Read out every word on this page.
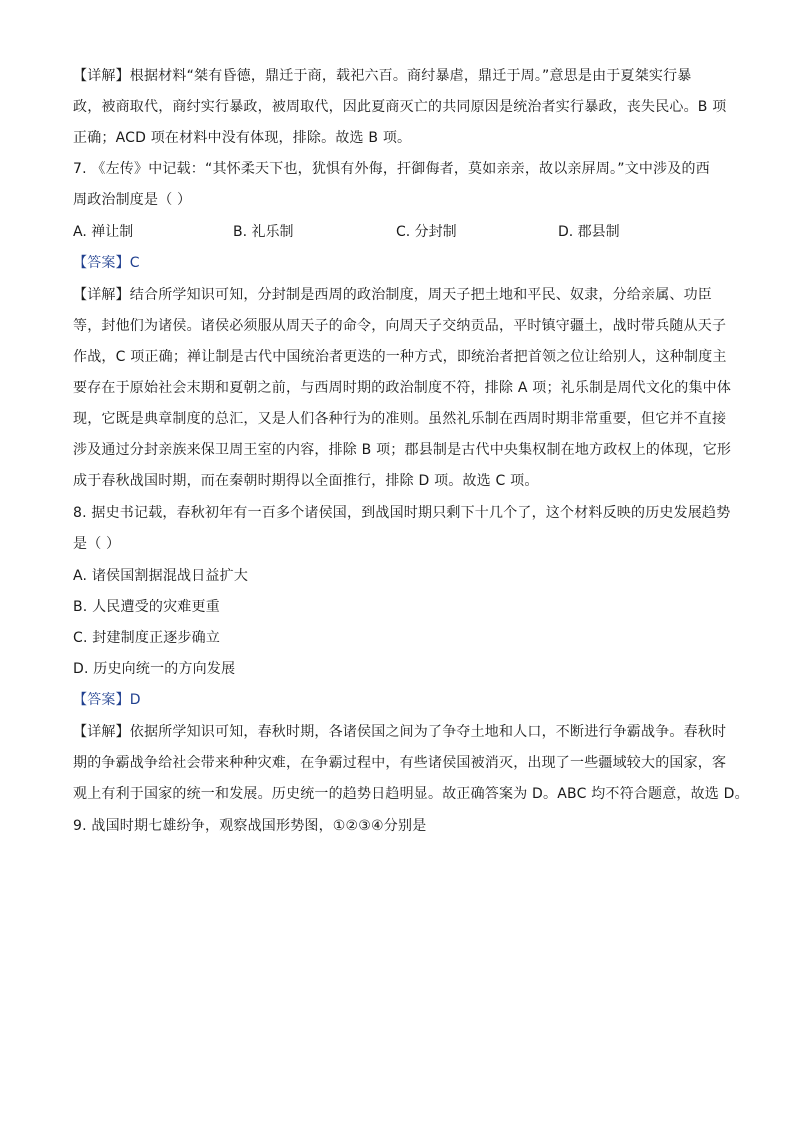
【详解】根据材料“桀有昏德，鼎迁于商，载祀六百。商纣暴虐，鼎迁于周。”意思是由于夏桀实行暴
政，被商取代，商纣实行暴政，被周取代，因此夏商灭亡的共同原因是统治者实行暴政，丧失民心。B 项
正确；ACD 项在材料中没有体现，排除。故选 B 项。
7. 《左传》中记载：“其怀柔天下也，犹惧有外侮，扞御侮者，莫如亲亲，故以亲屏周。”文中涉及的西
周政治制度是（ ）
A. 禅让制	B. 礼乐制	C. 分封制	D. 郡县制
【答案】C
【详解】结合所学知识可知，分封制是西周的政治制度，周天子把土地和平民、奴隶，分给亲属、功臣
等，封他们为诸侯。诸侯必须服从周天子的命令，向周天子交纳贡品，平时镇守疆土，战时带兵随从天子
作战，C 项正确；禅让制是古代中国统治者更迭的一种方式，即统治者把首领之位让给别人，这种制度主
要存在于原始社会末期和夏朝之前，与西周时期的政治制度不符，排除 A 项；礼乐制是周代文化的集中体
现，它既是典章制度的总汇，又是人们各种行为的准则。虽然礼乐制在西周时期非常重要，但它并不直接
涉及通过分封亲族来保卫周王室的内容，排除 B 项；郡县制是古代中央集权制在地方政权上的体现，它形
成于春秋战国时期，而在秦朝时期得以全面推行，排除 D 项。故选 C 项。
8. 据史书记载，春秋初年有一百多个诸侯国，到战国时期只剩下十几个了，这个材料反映的历史发展趋势
是（ ）
A. 诸侯国割据混战日益扩大
B. 人民遭受的灾难更重
C. 封建制度正逐步确立
D. 历史向统一的方向发展
【答案】D
【详解】依据所学知识可知，春秋时期，各诸侯国之间为了争夺土地和人口，不断进行争霸战争。春秋时
期的争霸战争给社会带来种种灾难，在争霸过程中，有些诸侯国被消灭，出现了一些疆域较大的国家，客
观上有利于国家的统一和发展。历史统一的趋势日趋明显。故正确答案为 D。ABC 均不符合题意，故选 D。
9. 战国时期七雄纷争，观察战国形势图，①②③④分别是
